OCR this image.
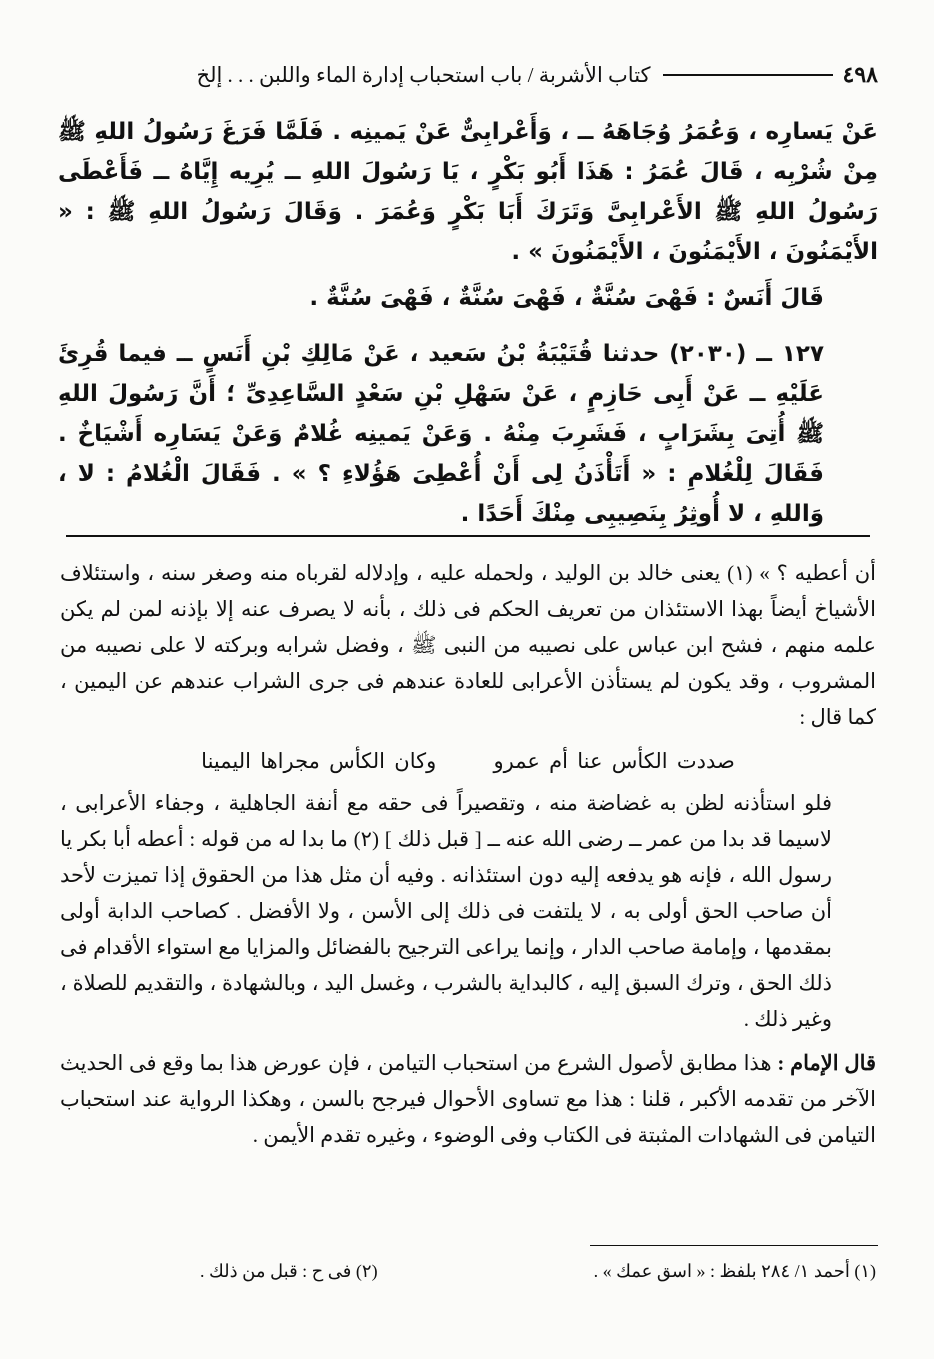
٤٩٨
كتاب الأشربة / باب استحباب إدارة الماء واللبن . . . إلخ

عَنْ يَسارِه ، وَعُمَرُ وُجَاهَهُ ــ ، وَأَعْرابِىٌّ عَنْ يَمينِه . فَلَمَّا فَرَغَ رَسُولُ اللهِ ﷺ مِنْ شُرْبِه ، قَالَ عُمَرُ : هَذَا أَبُو بَكْرٍ ، يَا رَسُولَ اللهِ ــ يُرِيه إِيَّاهُ ــ فَأَعْطَى رَسُولُ اللهِ ﷺ الأَعْرابِىَّ وَتَرَكَ أَبَا بَكْرٍ وَعُمَرَ . وَقَالَ رَسُولُ اللهِ ﷺ : « الأَيْمَنُونَ ، الأَيْمَنُونَ ، الأَيْمَنُونَ » .

قَالَ أَنَسٌ : فَهْىَ سُنَّةٌ ، فَهْىَ سُنَّةٌ ، فَهْىَ سُنَّةٌ .

١٢٧ ــ (٢٠٣٠) حدثنا قُتَيْبَةُ بْنُ سَعيد ، عَنْ مَالِكِ بْنِ أَنَسٍ ــ فيما قُرِئَ عَلَيْهِ ــ عَنْ أَبِى حَازِمٍ ، عَنْ سَهْلِ بْنِ سَعْدٍ السَّاعِدِىِّ ؛ أَنَّ رَسُولَ اللهِ ﷺ أُتِىَ بِشَرَابٍ ، فَشَرِبَ مِنْهُ . وَعَنْ يَمينِه غُلامٌ وَعَنْ يَسَارِه أَشْيَاخٌ . فَقَالَ لِلْغُلامِ : « أَتَأْذَنُ لِى أَنْ أُعْطِىَ هَؤُلاءِ ؟ » . فَقَالَ الْغُلامُ : لا ، وَاللهِ ، لا أُوثِرُ بِنَصِيبِى مِنْكَ أَحَدًا .

أن أعطيه ؟ » (١) يعنى خالد بن الوليد ، ولحمله عليه ، وإدلاله لقرباه منه وصغر سنه ، واستئلاف الأشياخ أيضاً بهذا الاستئذان من تعريف الحكم فى ذلك ، بأنه لا يصرف عنه إلا بإذنه لمن لم يكن علمه منهم ، فشح ابن عباس على نصيبه من النبى ﷺ ، وفضل شرابه وبركته لا على نصيبه من المشروب ، وقد يكون لم يستأذن الأعرابى للعادة عندهم فى جرى الشراب عندهم عن اليمين ، كما قال :

صددت الكأس عنا أم عمرو وكان الكأس مجراها اليمينا

فلو استأذنه لظن به غضاضة منه ، وتقصيراً فى حقه مع أنفة الجاهلية ، وجفاء الأعرابى ، لاسيما قد بدا من عمر ــ رضى الله عنه ــ [ قبل ذلك ] (٢) ما بدا له من قوله : أعطه أبا بكر يا رسول الله ، فإنه هو يدفعه إليه دون استئذانه . وفيه أن مثل هذا من الحقوق إذا تميزت لأحد أن صاحب الحق أولى به ، لا يلتفت فى ذلك إلى الأسن ، ولا الأفضل . كصاحب الدابة أولى بمقدمها ، وإمامة صاحب الدار ، وإنما يراعى الترجيح بالفضائل والمزايا مع استواء الأقدام فى ذلك الحق ، وترك السبق إليه ، كالبداية بالشرب ، وغسل اليد ، وبالشهادة ، والتقديم للصلاة ، وغير ذلك .

قال الإمام : هذا مطابق لأصول الشرع من استحباب التيامن ، فإن عورض هذا بما وقع فى الحديث الآخر من تقدمه الأكبر ، قلنا : هذا مع تساوى الأحوال فيرجح بالسن ، وهكذا الرواية عند استحباب التيامن فى الشهادات المثبتة فى الكتاب وفى الوضوء ، وغيره تقدم الأيمن .

(١) أحمد ١/ ٢٨٤ بلفظ : « اسق عمك » .
(٢) فى ح : قبل من ذلك .
